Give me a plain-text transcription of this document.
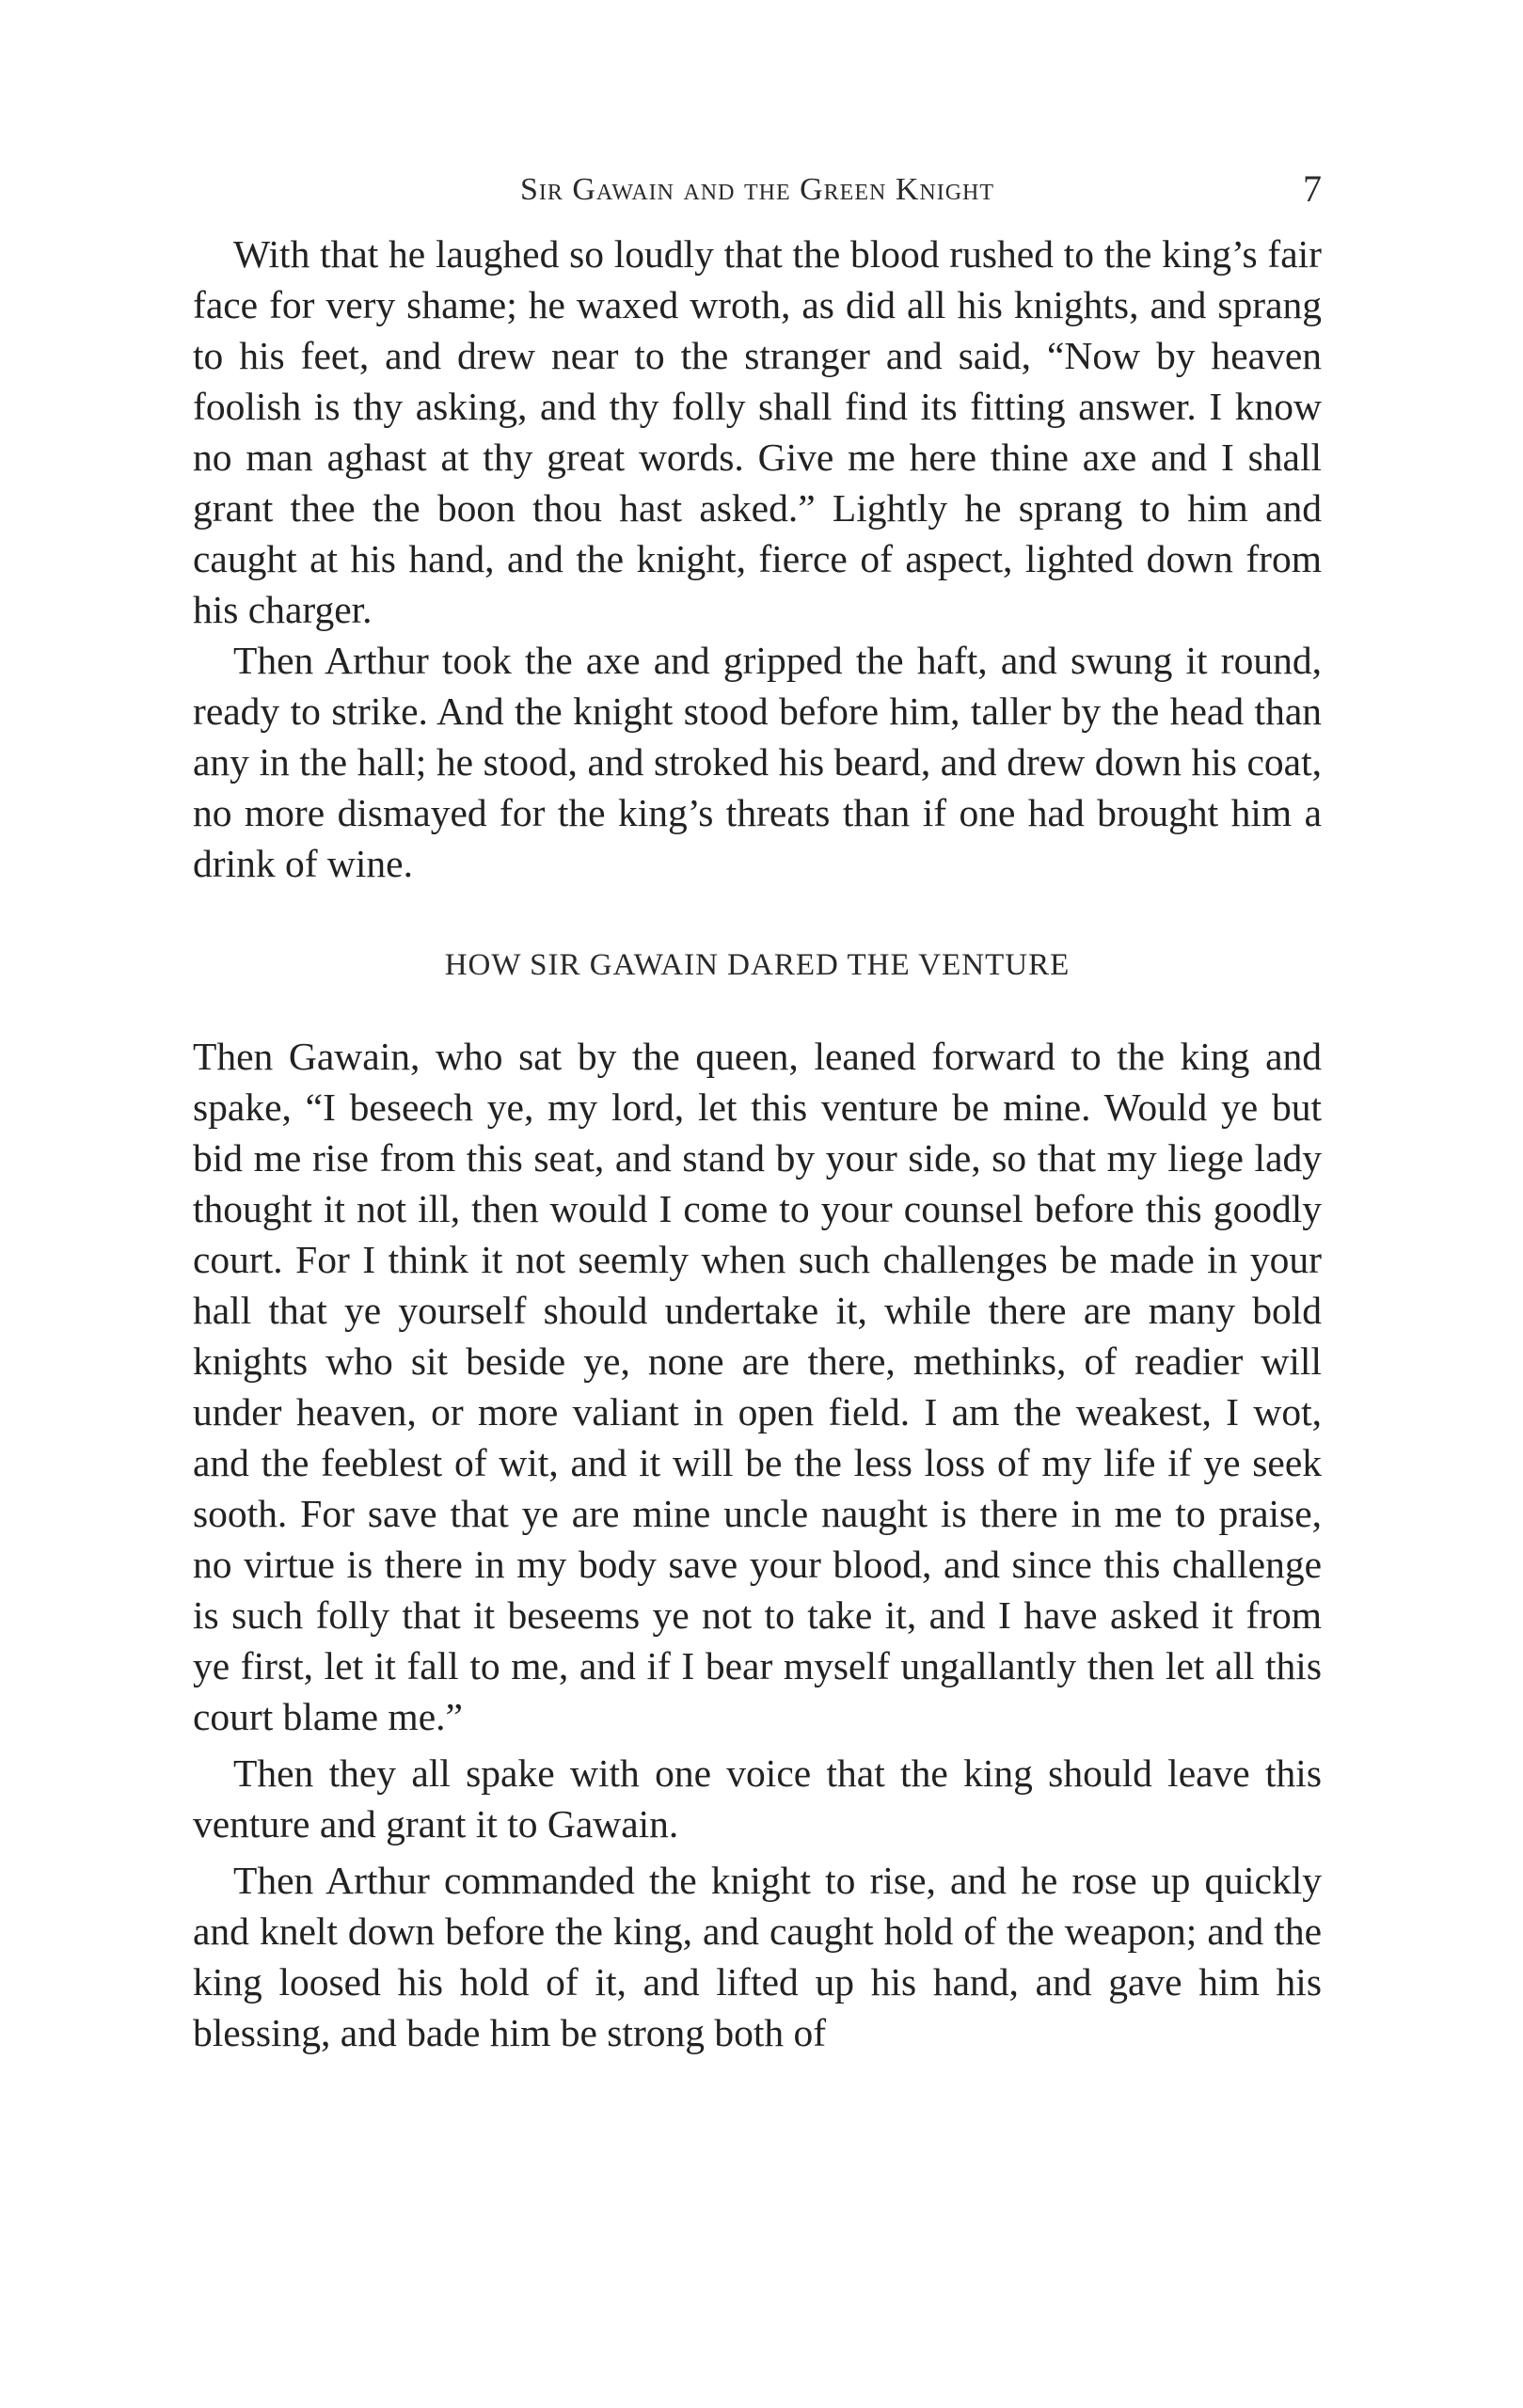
Sir Gawain and the Green Knight	7

With that he laughed so loudly that the blood rushed to the king’s fair face for very shame; he waxed wroth, as did all his knights, and sprang to his feet, and drew near to the stranger and said, “Now by heaven foolish is thy asking, and thy folly shall find its fitting answer. I know no man aghast at thy great words. Give me here thine axe and I shall grant thee the boon thou hast asked.” Lightly he sprang to him and caught at his hand, and the knight, fierce of aspect, lighted down from his charger.

Then Arthur took the axe and gripped the haft, and swung it round, ready to strike. And the knight stood before him, taller by the head than any in the hall; he stood, and stroked his beard, and drew down his coat, no more dismayed for the king’s threats than if one had brought him a drink of wine.

HOW SIR GAWAIN DARED THE VENTURE

Then Gawain, who sat by the queen, leaned forward to the king and spake, “I beseech ye, my lord, let this venture be mine. Would ye but bid me rise from this seat, and stand by your side, so that my liege lady thought it not ill, then would I come to your counsel before this goodly court. For I think it not seemly when such challenges be made in your hall that ye yourself should undertake it, while there are many bold knights who sit beside ye, none are there, methinks, of readier will under heaven, or more valiant in open field. I am the weakest, I wot, and the feeblest of wit, and it will be the less loss of my life if ye seek sooth. For save that ye are mine uncle naught is there in me to praise, no virtue is there in my body save your blood, and since this challenge is such folly that it beseems ye not to take it, and I have asked it from ye first, let it fall to me, and if I bear myself ungallantly then let all this court blame me.”

Then they all spake with one voice that the king should leave this venture and grant it to Gawain.

Then Arthur commanded the knight to rise, and he rose up quickly and knelt down before the king, and caught hold of the weapon; and the king loosed his hold of it, and lifted up his hand, and gave him his blessing, and bade him be strong both of
